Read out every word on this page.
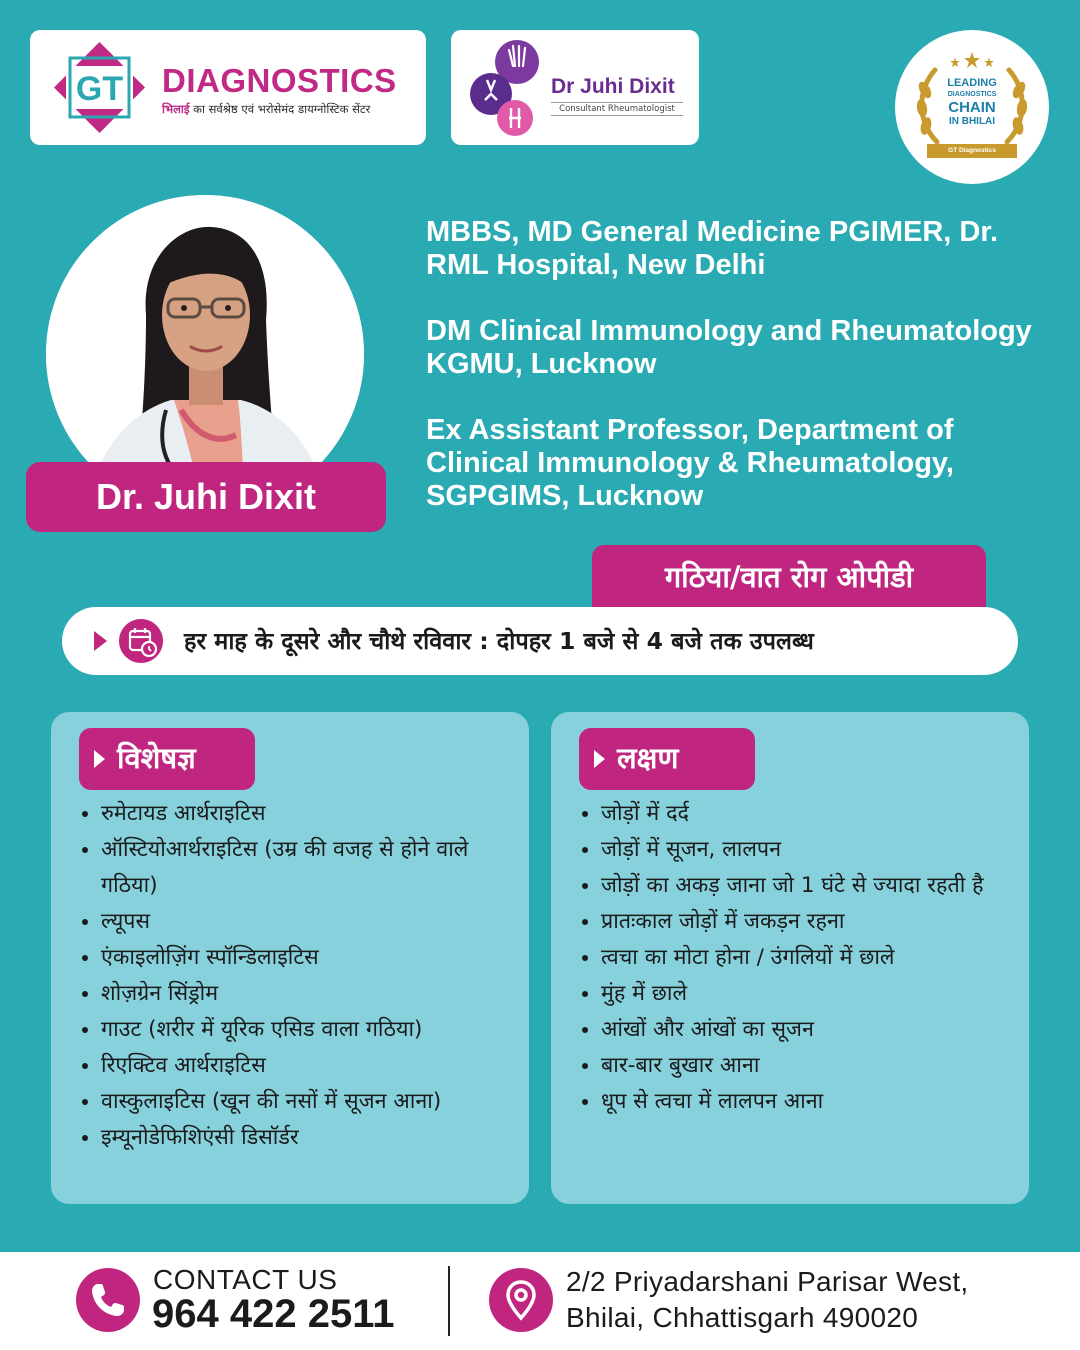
GT DIAGNOSTICS
भिलाई का सर्वश्रेष्ठ एवं भरोसेमंद डायग्नोस्टिक सेंटर
Dr Juhi Dixit
Consultant Rheumatologist
LEADING
DIAGNOSTICS
CHAIN
IN BHILAI
GT Diagnostics
Dr. Juhi Dixit

MBBS, MD General Medicine PGIMER, Dr. RML Hospital, New Delhi

DM Clinical Immunology and Rheumatology KGMU, Lucknow

Ex Assistant Professor, Department of Clinical Immunology & Rheumatology, SGPGIMS, Lucknow

गठिया/वात रोग ओपीडी
हर माह के दूसरे और चौथे रविवार : दोपहर 1 बजे से 4 बजे तक उपलब्ध
विशेषज्ञ
रुमेटायड आर्थराइटिस
ऑस्टियोआर्थराइटिस (उम्र की वजह से होने वाले गठिया)
ल्यूपस
एंकाइलोज़िंग स्पॉन्डिलाइटिस
शोज़ग्रेन सिंड्रोम
गाउट (शरीर में यूरिक एसिड वाला गठिया)
रिएक्टिव आर्थराइटिस
वास्कुलाइटिस (खून की नसों में सूजन आना)
इम्यूनोडेफिशिएंसी डिसॉर्डर
लक्षण
जोड़ों में दर्द
जोड़ों में सूजन, लालपन
जोड़ों का अकड़ जाना जो 1 घंटे से ज्यादा रहती है
प्रातःकाल जोड़ों में जकड़न रहना
त्वचा का मोटा होना / उंगलियों में छाले
मुंह में छाले
आंखों और आंखों का सूजन
बार-बार बुखार आना
धूप से त्वचा में लालपन आना
CONTACT US
964 422 2511
2/2 Priyadarshani Parisar West,
Bhilai, Chhattisgarh 490020
